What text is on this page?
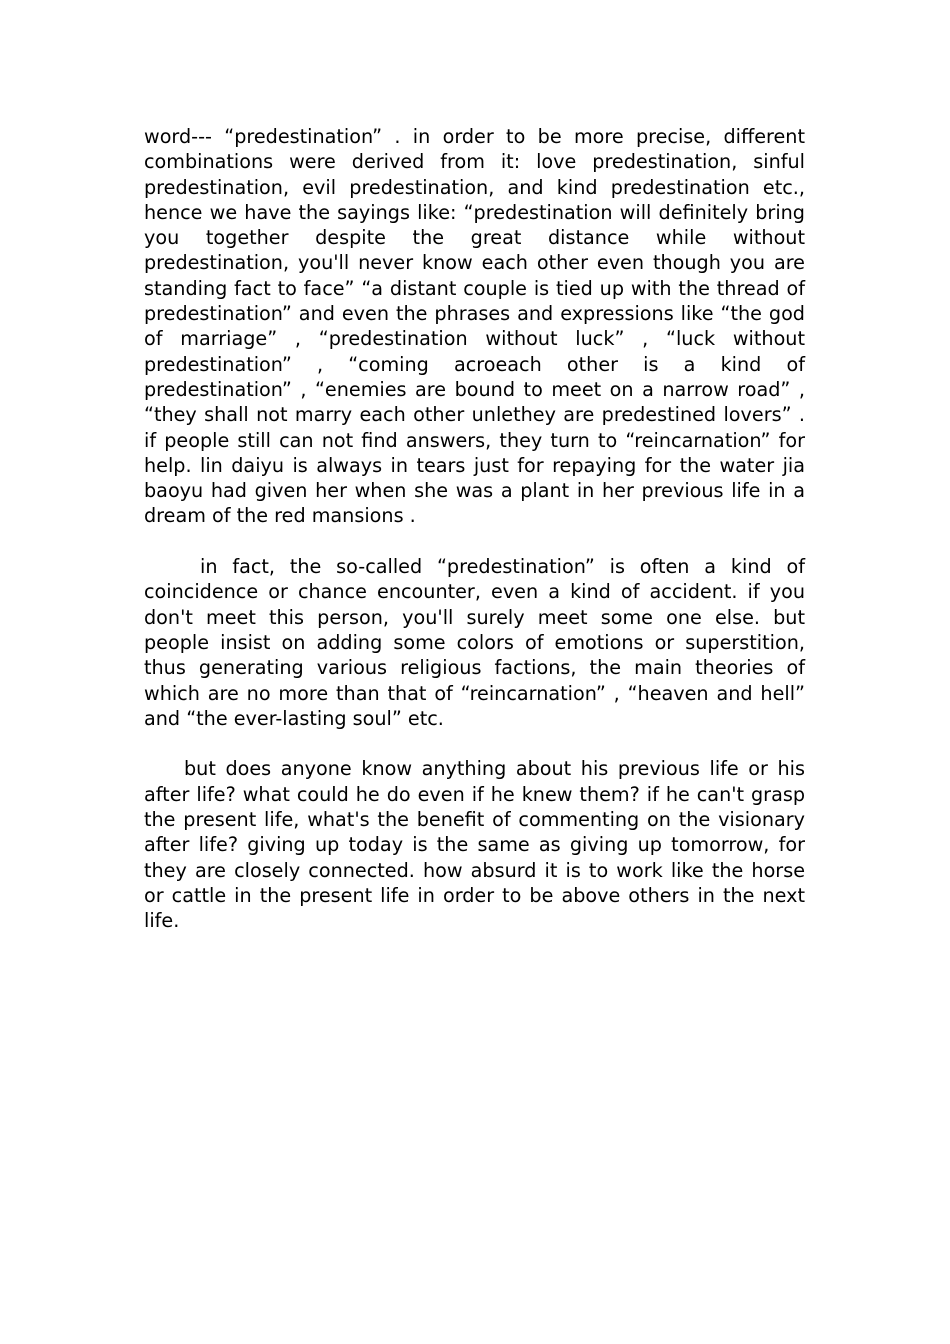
word--- “predestination” . in order to be more precise, different combinations were derived from it: love predestination, sinful predestination, evil predestination, and kind predestination etc., hence we have the sayings like: “predestination will definitely bring you together despite the great distance while without predestination, you'll never know each other even though you are standing fact to face” “a distant couple is tied up with the thread of predestination” and even the phrases and expressions like “the god of marriage” , “predestination without luck” , “luck without predestination” , “coming acroeach other is a kind of predestination” , “enemies are bound to meet on a narrow road” , “they shall not marry each other unlethey are predestined lovers” . if people still can not find answers, they turn to “reincarnation” for help. lin daiyu is always in tears just for repaying for the water jia baoyu had given her when she was a plant in her previous life in a dream of the red mansions .

in fact, the so-called “predestination” is often a kind of coincidence or chance encounter, even a kind of accident. if you don't meet this person, you'll surely meet some one else. but people insist on adding some colors of emotions or superstition, thus generating various religious factions, the main theories of which are no more than that of “reincarnation” , “heaven and hell” and “the ever-lasting soul” etc.

but does anyone know anything about his previous life or his after life? what could he do even if he knew them? if he can't grasp the present life, what's the benefit of commenting on the visionary after life? giving up today is the same as giving up tomorrow, for they are closely connected. how absurd it is to work like the horse or cattle in the present life in order to be above others in the next life.
